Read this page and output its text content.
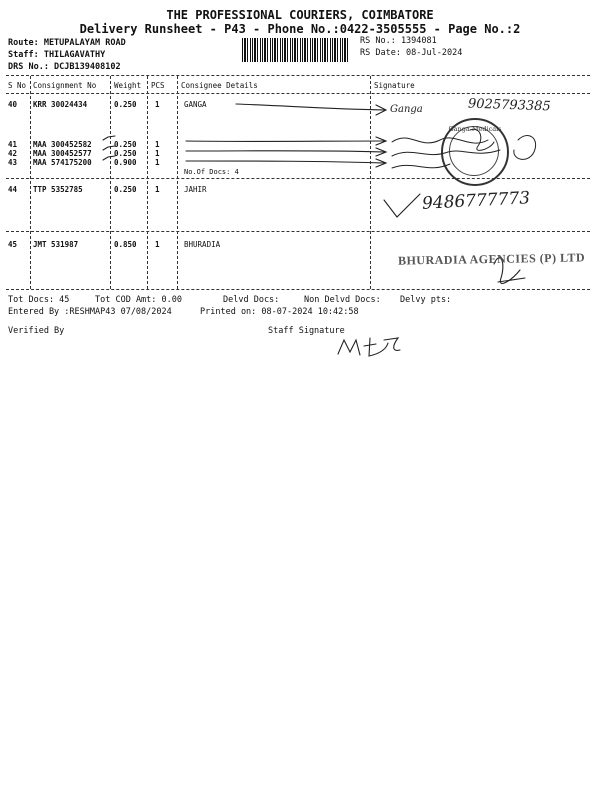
THE PROFESSIONAL COURIERS, COIMBATORE
Delivery Runsheet - P43 - Phone No.:0422-3505555 - Page No.:2
Route: METUPALAYAM ROAD
Staff: THILAGAVATHY
DRS No.: DCJB139408102
RS No.: 1394081
RS Date: 08-Jul-2024
S No Consignment No Weight PCS Consignee Details	Signature
40 KRR 30024434	0.250 1	GANGA
41 MAA 300452582	0.250 1
42 MAA 300452577	0.250 1
43 MAA 574175200	0.900 1
No.Of Docs: 4
44 TTP 5352785	0.250 1	JAHIR
45 JMT 531987	0.850 1	BHURADIA
Ganga	9025793385
9486777773
Ganga Medicals
BHURADIA AGENCIES (P) LTD
Tot Docs: 45	Tot COD Amt: 0.00	Delvd Docs:	Non Delvd Docs: Delvy pts:
Entered By :RESHMAP43 07/08/2024	Printed on: 08-07-2024 10:42:58
Verified By	Staff Signature
